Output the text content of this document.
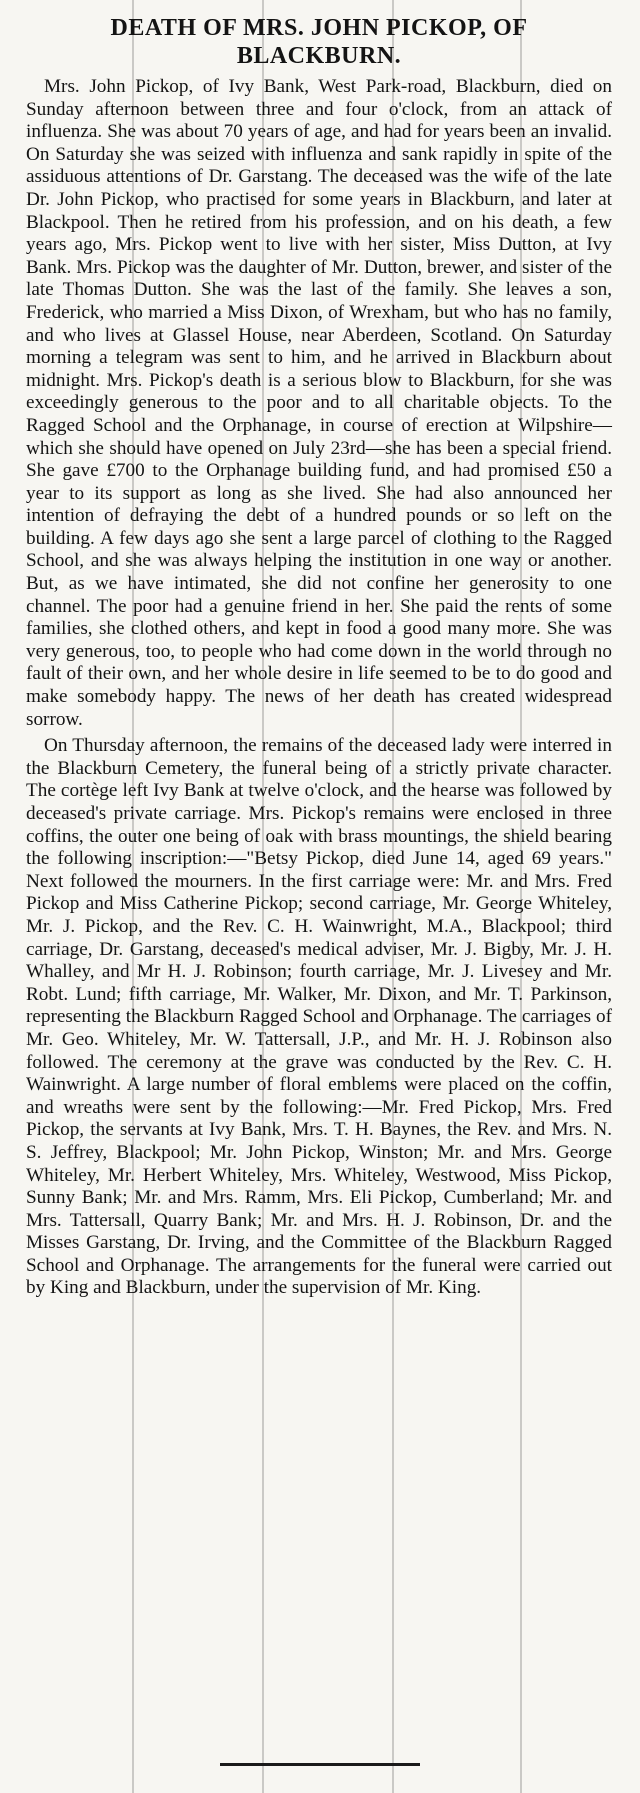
DEATH OF MRS. JOHN PICKOP, OF BLACKBURN.

Mrs. John Pickop, of Ivy Bank, West Park-road, Blackburn, died on Sunday afternoon between three and four o'clock, from an attack of influenza. She was about 70 years of age, and had for years been an invalid. On Saturday she was seized with influenza and sank rapidly in spite of the assiduous attentions of Dr. Garstang. The deceased was the wife of the late Dr. John Pickop, who practised for some years in Blackburn, and later at Blackpool. Then he retired from his profession, and on his death, a few years ago, Mrs. Pickop went to live with her sister, Miss Dutton, at Ivy Bank. Mrs. Pickop was the daughter of Mr. Dutton, brewer, and sister of the late Thomas Dutton. She was the last of the family. She leaves a son, Frederick, who married a Miss Dixon, of Wrexham, but who has no family, and who lives at Glassel House, near Aberdeen, Scotland. On Saturday morning a telegram was sent to him, and he arrived in Blackburn about midnight. Mrs. Pickop's death is a serious blow to Blackburn, for she was exceedingly generous to the poor and to all charitable objects. To the Ragged School and the Orphanage, in course of erection at Wilpshire—which she should have opened on July 23rd—she has been a special friend. She gave £700 to the Orphanage building fund, and had promised £50 a year to its support as long as she lived. She had also announced her intention of defraying the debt of a hundred pounds or so left on the building. A few days ago she sent a large parcel of clothing to the Ragged School, and she was always helping the institution in one way or another. But, as we have intimated, she did not confine her generosity to one channel. The poor had a genuine friend in her. She paid the rents of some families, she clothed others, and kept in food a good many more. She was very generous, too, to people who had come down in the world through no fault of their own, and her whole desire in life seemed to be to do good and make somebody happy. The news of her death has created widespread sorrow.

On Thursday afternoon, the remains of the deceased lady were interred in the Blackburn Cemetery, the funeral being of a strictly private character. The cortège left Ivy Bank at twelve o'clock, and the hearse was followed by deceased's private carriage. Mrs. Pickop's remains were enclosed in three coffins, the outer one being of oak with brass mountings, the shield bearing the following inscription:—"Betsy Pickop, died June 14, aged 69 years." Next followed the mourners. In the first carriage were: Mr. and Mrs. Fred Pickop and Miss Catherine Pickop; second carriage, Mr. George Whiteley, Mr. J. Pickop, and the Rev. C. H. Wainwright, M.A., Blackpool; third carriage, Dr. Garstang, deceased's medical adviser, Mr. J. Bigby, Mr. J. H. Whalley, and Mr H. J. Robinson; fourth carriage, Mr. J. Livesey and Mr. Robt. Lund; fifth carriage, Mr. Walker, Mr. Dixon, and Mr. T. Parkinson, representing the Blackburn Ragged School and Orphanage. The carriages of Mr. Geo. Whiteley, Mr. W. Tattersall, J.P., and Mr. H. J. Robinson also followed. The ceremony at the grave was conducted by the Rev. C. H. Wainwright. A large number of floral emblems were placed on the coffin, and wreaths were sent by the following:—Mr. Fred Pickop, Mrs. Fred Pickop, the servants at Ivy Bank, Mrs. T. H. Baynes, the Rev. and Mrs. N. S. Jeffrey, Blackpool; Mr. John Pickop, Winston; Mr. and Mrs. George Whiteley, Mr. Herbert Whiteley, Mrs. Whiteley, Westwood, Miss Pickop, Sunny Bank; Mr. and Mrs. Ramm, Mrs. Eli Pickop, Cumberland; Mr. and Mrs. Tattersall, Quarry Bank; Mr. and Mrs. H. J. Robinson, Dr. and the Misses Garstang, Dr. Irving, and the Committee of the Blackburn Ragged School and Orphanage. The arrangements for the funeral were carried out by King and Blackburn, under the supervision of Mr. King.
